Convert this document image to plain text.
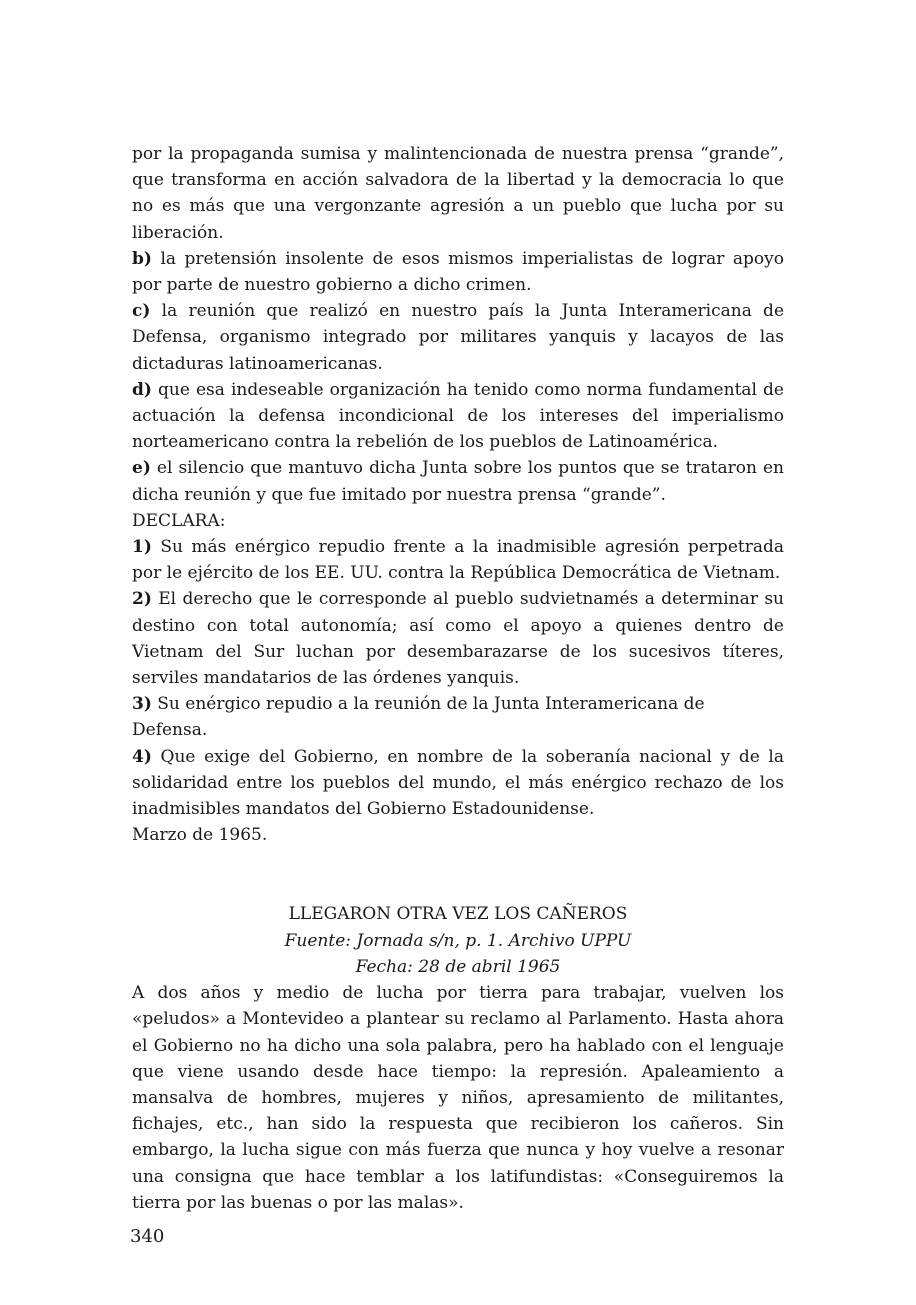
por la propaganda sumisa y malintencionada de nuestra prensa “grande”, que transforma en acción salvadora de la libertad y la democracia lo que no es más que una vergonzante agresión a un pueblo que lucha por su liberación.

b) la pretensión insolente de esos mismos imperialistas de lograr apoyo por parte de nuestro gobierno a dicho crimen.

c) la reunión que realizó en nuestro país la Junta Interamericana de Defensa, organismo integrado por militares yanquis y lacayos de las dictaduras latinoamericanas.

d) que esa indeseable organización ha tenido como norma fundamental de actuación la defensa incondicional de los intereses del imperialismo norteamericano contra la rebelión de los pueblos de Latinoamérica.

e) el silencio que mantuvo dicha Junta sobre los puntos que se trataron en dicha reunión y que fue imitado por nuestra prensa “grande”.

DECLARA:

1) Su más enérgico repudio frente a la inadmisible agresión perpetrada por le ejército de los EE. UU. contra la República Democrática de Vietnam.

2) El derecho que le corresponde al pueblo sudvietnamés a determinar su destino con total autonomía; así como el apoyo a quienes dentro de Vietnam del Sur luchan por desembarazarse de los sucesivos títeres, serviles mandatarios de las órdenes yanquis.

3) Su enérgico repudio a la reunión de la Junta Interamericana de Defensa.

4) Que exige del Gobierno, en nombre de la soberanía nacional y de la solidaridad entre los pueblos del mundo, el más enérgico rechazo de los inadmisibles mandatos del Gobierno Estadounidense.

Marzo de 1965.

LLEGARON OTRA VEZ LOS CAÑEROS
Fuente: Jornada s/n, p. 1. Archivo UPPU
Fecha: 28 de abril 1965

A dos años y medio de lucha por tierra para trabajar, vuelven los «peludos» a Montevideo a plantear su reclamo al Parlamento. Hasta ahora el Gobierno no ha dicho una sola palabra, pero ha hablado con el lenguaje que viene usando desde hace tiempo: la represión. Apaleamiento a mansalva de hombres, mujeres y niños, apresamiento de militantes, fichajes, etc., han sido la respuesta que recibieron los cañeros. Sin embargo, la lucha sigue con más fuerza que nunca y hoy vuelve a resonar una consigna que hace temblar a los latifundistas: «Conseguiremos la tierra por las buenas o por las malas».

340
